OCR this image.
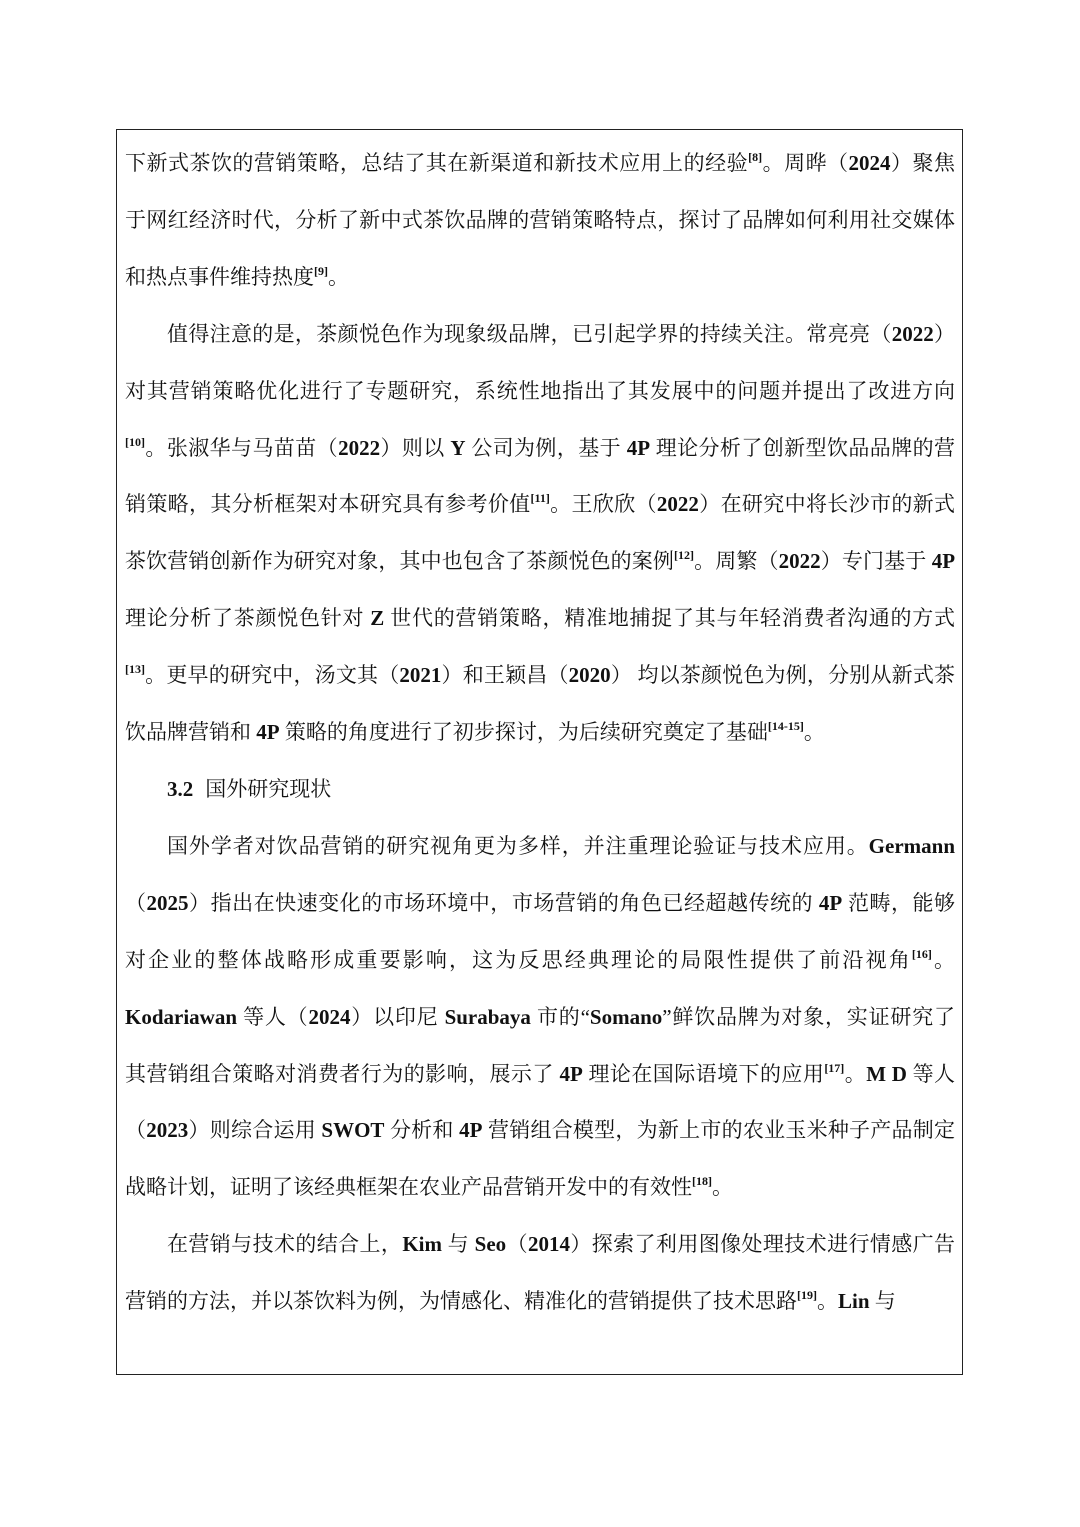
下新式茶饮的营销策略，总结了其在新渠道和新技术应用上的经验[8]。周晔（2024）聚焦于网红经济时代，分析了新中式茶饮品牌的营销策略特点，探讨了品牌如何利用社交媒体和热点事件维持热度[9]。

值得注意的是，茶颜悦色作为现象级品牌，已引起学界的持续关注。常亮亮（2022）对其营销策略优化进行了专题研究，系统性地指出了其发展中的问题并提出了改进方向[10]。张淑华与马苗苗（2022）则以 Y 公司为例，基于 4P 理论分析了创新型饮品品牌的营销策略，其分析框架对本研究具有参考价值[11]。王欣欣（2022）在研究中将长沙市的新式茶饮营销创新作为研究对象，其中也包含了茶颜悦色的案例[12]。周繁（2022）专门基于 4P 理论分析了茶颜悦色针对 Z 世代的营销策略，精准地捕捉了其与年轻消费者沟通的方式[13]。更早的研究中，汤文其（2021）和王颖昌（2020） 均以茶颜悦色为例，分别从新式茶饮品牌营销和 4P 策略的角度进行了初步探讨，为后续研究奠定了基础[14-15]。

3.2 国外研究现状

国外学者对饮品营销的研究视角更为多样，并注重理论验证与技术应用。Germann（2025）指出在快速变化的市场环境中，市场营销的角色已经超越传统的 4P 范畴，能够对企业的整体战略形成重要影响，这为反思经典理论的局限性提供了前沿视角[16]。Kodariawan 等人（2024）以印尼 Surabaya 市的“Somano”鲜饮品牌为对象，实证研究了其营销组合策略对消费者行为的影响，展示了 4P 理论在国际语境下的应用[17]。M D 等人（2023）则综合运用 SWOT 分析和 4P 营销组合模型，为新上市的农业玉米种子产品制定战略计划，证明了该经典框架在农业产品营销开发中的有效性[18]。

在营销与技术的结合上，Kim 与 Seo（2014）探索了利用图像处理技术进行情感广告营销的方法，并以茶饮料为例，为情感化、精准化的营销提供了技术思路[19]。Lin 与
